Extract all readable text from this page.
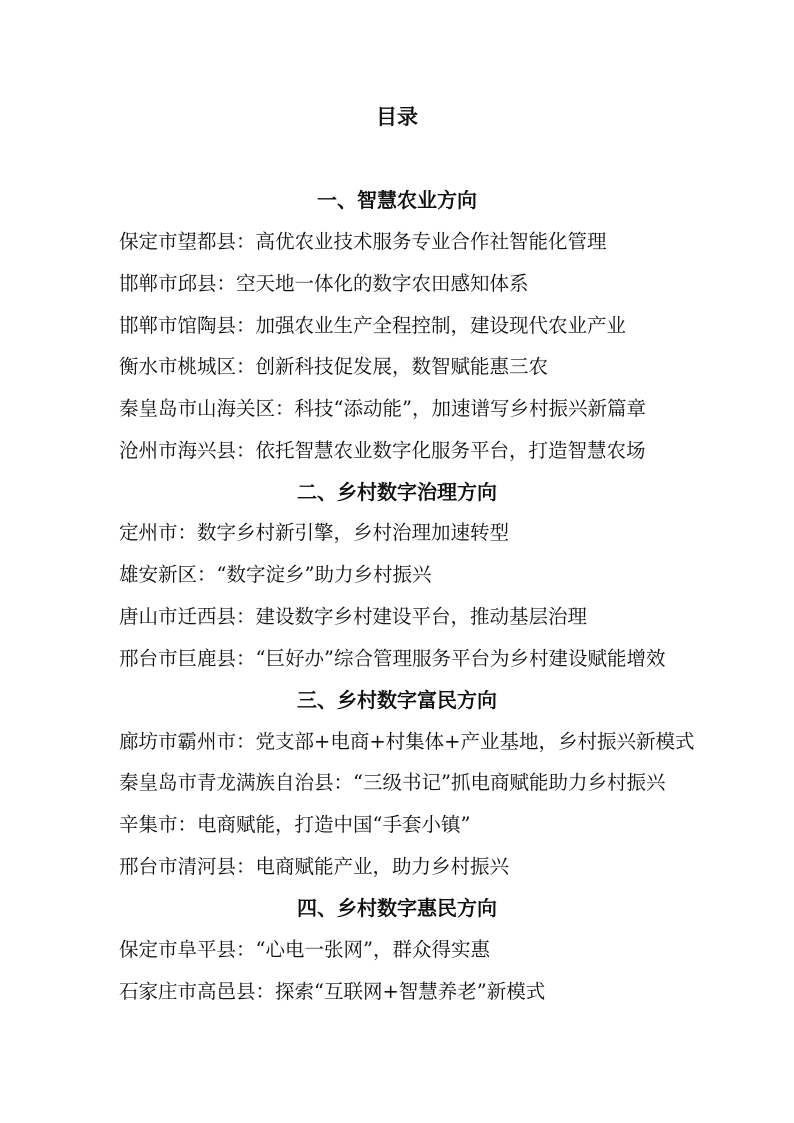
目录
一、智慧农业方向
保定市望都县：高优农业技术服务专业合作社智能化管理
邯郸市邱县：空天地一体化的数字农田感知体系
邯郸市馆陶县：加强农业生产全程控制，建设现代农业产业
衡水市桃城区：创新科技促发展，数智赋能惠三农
秦皇岛市山海关区：科技“添动能”，加速谱写乡村振兴新篇章
沧州市海兴县：依托智慧农业数字化服务平台，打造智慧农场
二、乡村数字治理方向
定州市：数字乡村新引擎，乡村治理加速转型
雄安新区：“数字淀乡”助力乡村振兴
唐山市迁西县：建设数字乡村建设平台，推动基层治理
邢台市巨鹿县：“巨好办”综合管理服务平台为乡村建设赋能增效
三、乡村数字富民方向
廊坊市霸州市：党支部+电商+村集体+产业基地，乡村振兴新模式
秦皇岛市青龙满族自治县：“三级书记”抓电商赋能助力乡村振兴
辛集市：电商赋能，打造中国“手套小镇”
邢台市清河县：电商赋能产业，助力乡村振兴
四、乡村数字惠民方向
保定市阜平县：“心电一张网”，群众得实惠
石家庄市高邑县：探索“互联网+智慧养老”新模式
